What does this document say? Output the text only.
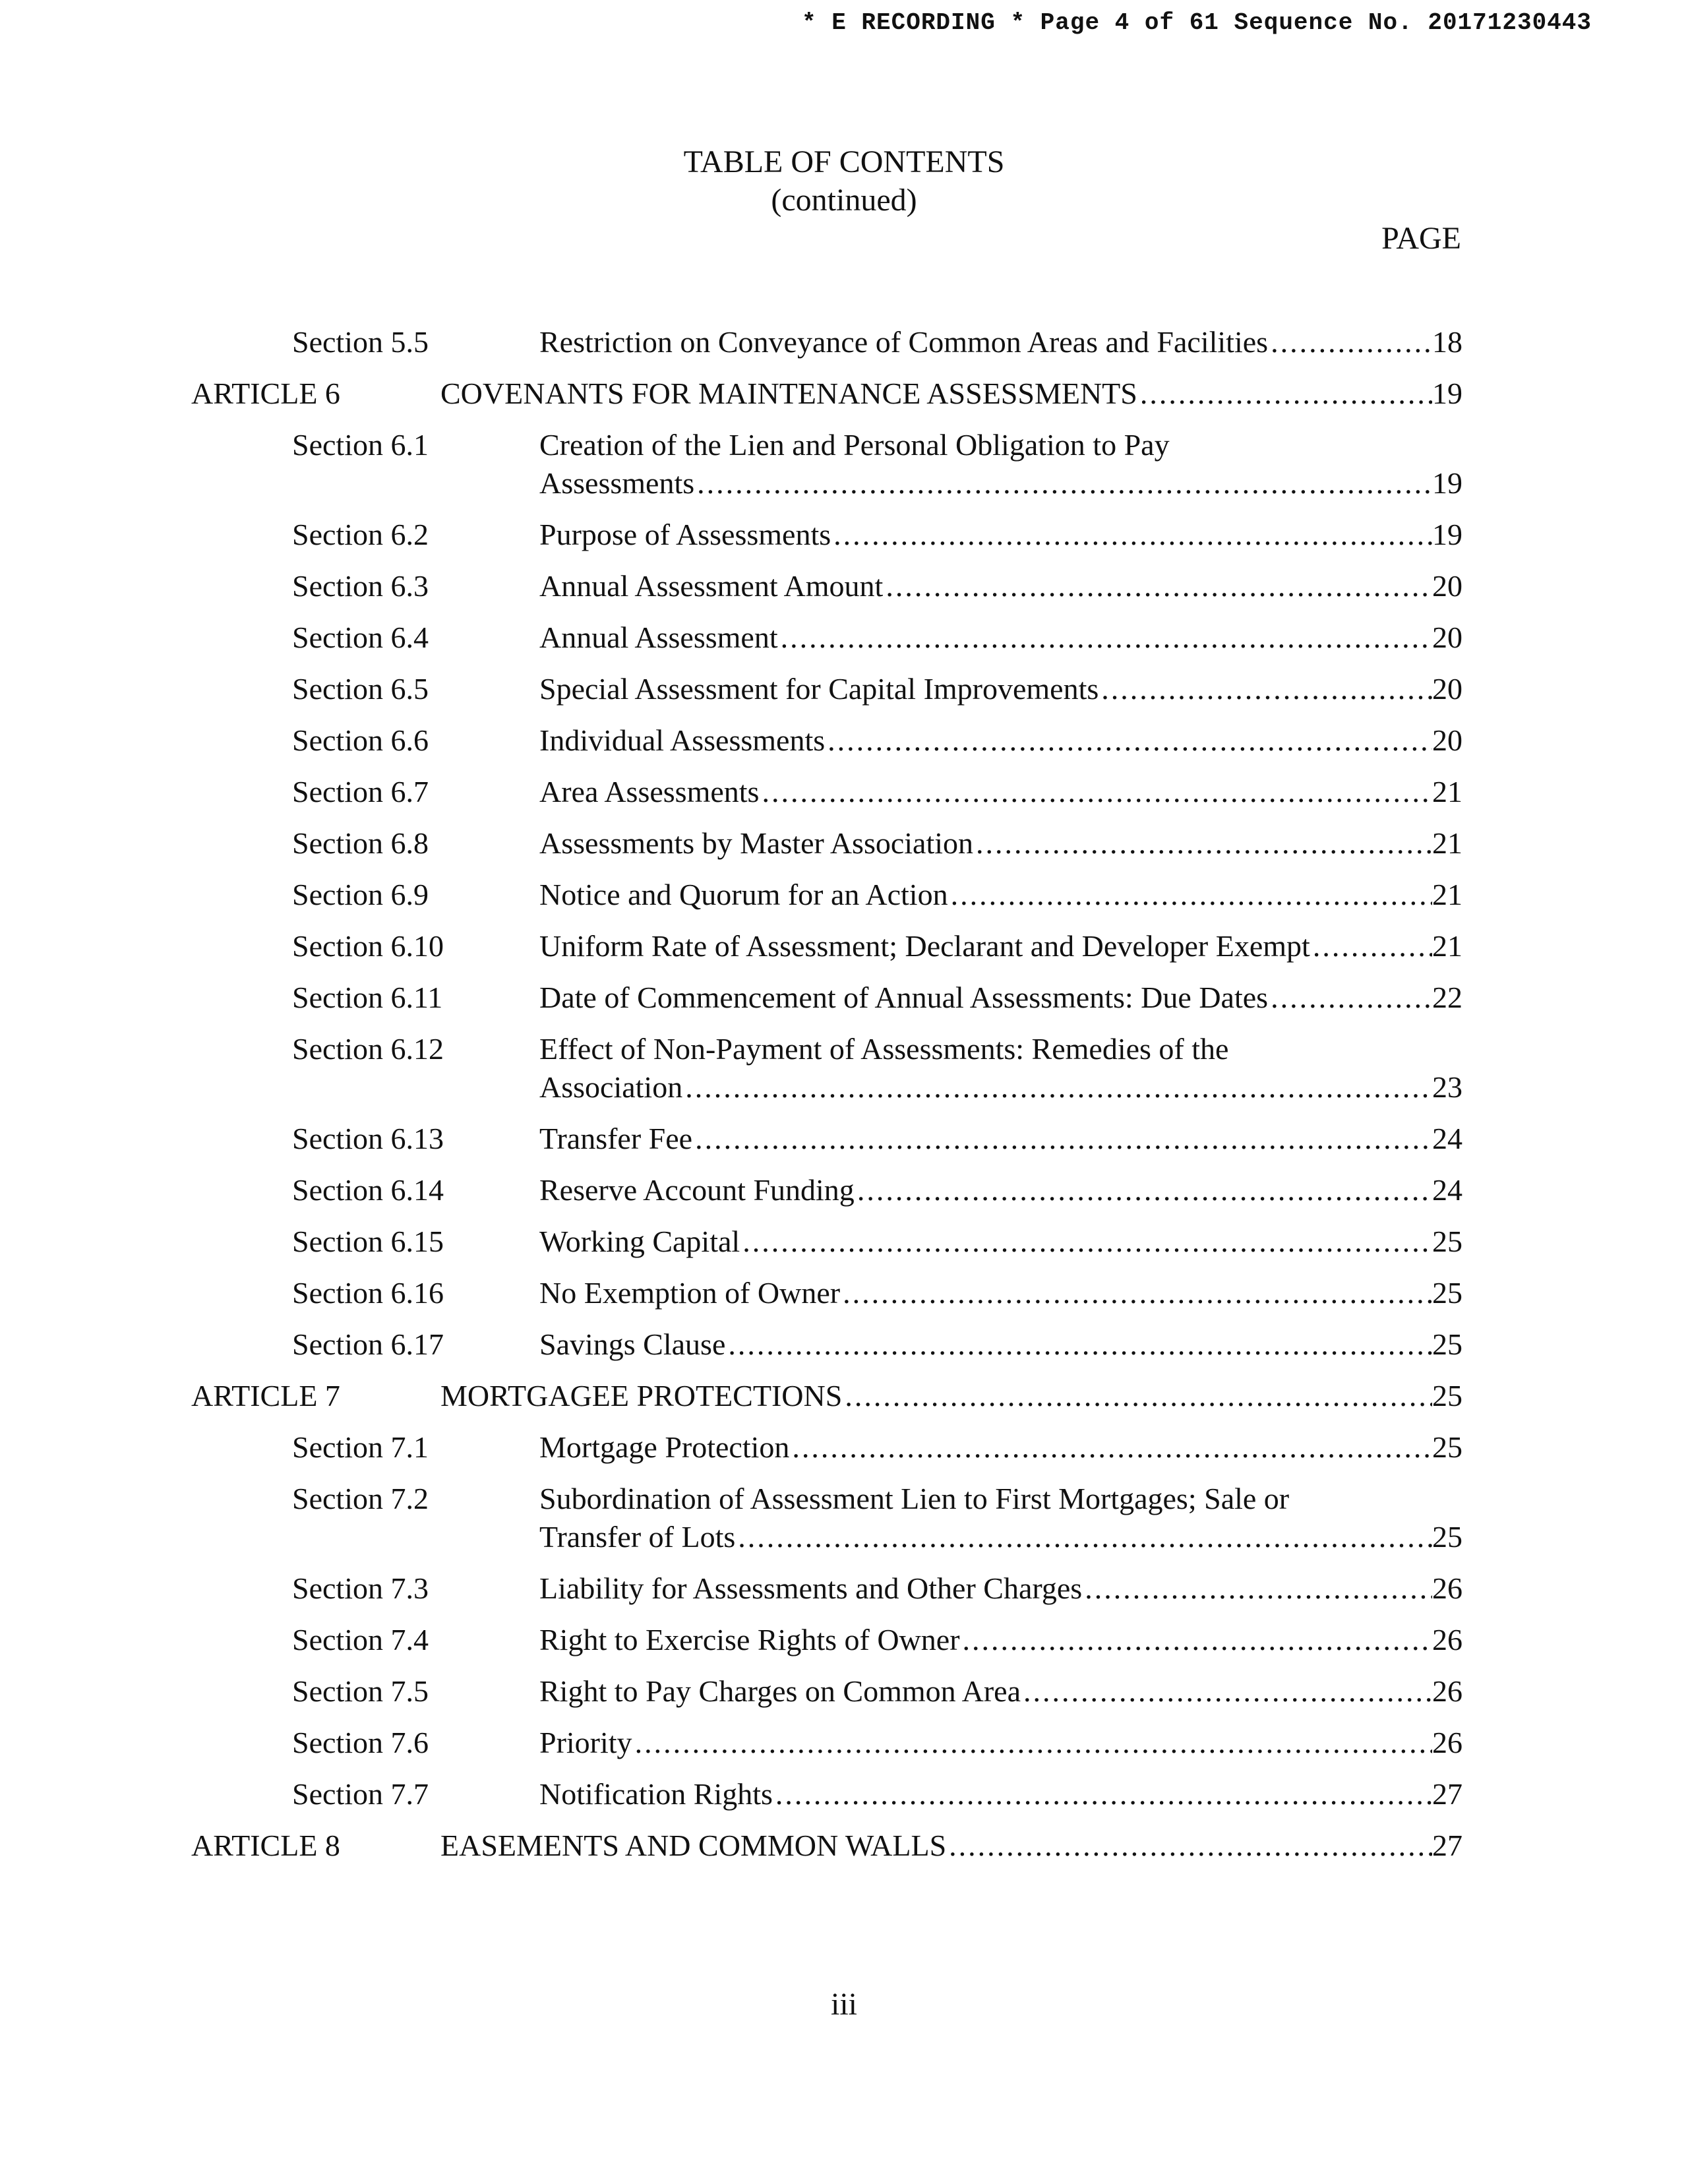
* E RECORDING * Page 4 of 61 Sequence No. 20171230443
TABLE OF CONTENTS
(continued)
PAGE
Section 5.5	Restriction on Conveyance of Common Areas and Facilities .....	18
ARTICLE 6	COVENANTS FOR MAINTENANCE ASSESSMENTS .....	19
Section 6.1	Creation of the Lien and Personal Obligation to Pay
Assessments .....	19
Section 6.2	Purpose of Assessments .....	19
Section 6.3	Annual Assessment Amount .....	20
Section 6.4	Annual Assessment .....	20
Section 6.5	Special Assessment for Capital Improvements .....	20
Section 6.6	Individual Assessments .....	20
Section 6.7	Area Assessments .....	21
Section 6.8	Assessments by Master Association .....	21
Section 6.9	Notice and Quorum for an Action .....	21
Section 6.10	Uniform Rate of Assessment; Declarant and Developer Exempt .....	21
Section 6.11	Date of Commencement of Annual Assessments: Due Dates .....	22
Section 6.12	Effect of Non-Payment of Assessments: Remedies of the
Association .....	23
Section 6.13	Transfer Fee .....	24
Section 6.14	Reserve Account Funding .....	24
Section 6.15	Working Capital .....	25
Section 6.16	No Exemption of Owner .....	25
Section 6.17	Savings Clause .....	25
ARTICLE 7	MORTGAGEE PROTECTIONS .....	25
Section 7.1	Mortgage Protection .....	25
Section 7.2	Subordination of Assessment Lien to First Mortgages; Sale or
Transfer of Lots .....	25
Section 7.3	Liability for Assessments and Other Charges .....	26
Section 7.4	Right to Exercise Rights of Owner .....	26
Section 7.5	Right to Pay Charges on Common Area .....	26
Section 7.6	Priority .....	26
Section 7.7	Notification Rights .....	27
ARTICLE 8	EASEMENTS AND COMMON WALLS .....	27
iii
